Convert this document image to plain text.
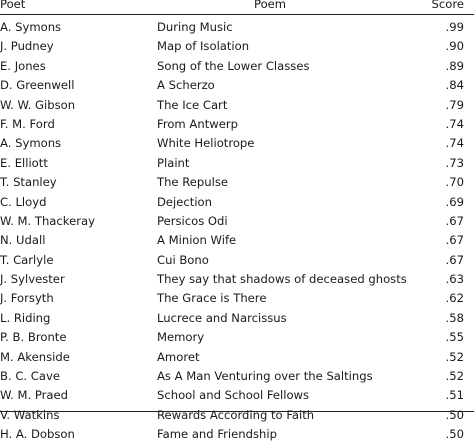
Poet	Poem	Score
A. Symons	During Music	.99
J. Pudney	Map of Isolation	.90
E. Jones	Song of the Lower Classes	.89
D. Greenwell	A Scherzo	.84
W. W. Gibson	The Ice Cart	.79
F. M. Ford	From Antwerp	.74
A. Symons	White Heliotrope	.74
E. Elliott	Plaint	.73
T. Stanley	The Repulse	.70
C. Lloyd	Dejection	.69
W. M. Thackeray	Persicos Odi	.67
N. Udall	A Minion Wife	.67
T. Carlyle	Cui Bono	.67
J. Sylvester	They say that shadows of deceased ghosts	.63
J. Forsyth	The Grace is There	.62
L. Riding	Lucrece and Narcissus	.58
P. B. Bronte	Memory	.55
M. Akenside	Amoret	.52
B. C. Cave	As A Man Venturing over the Saltings	.52
W. M. Praed	School and School Fellows	.51
V. Watkins	Rewards According to Faith	.50
H. A. Dobson	Fame and Friendship	.50
